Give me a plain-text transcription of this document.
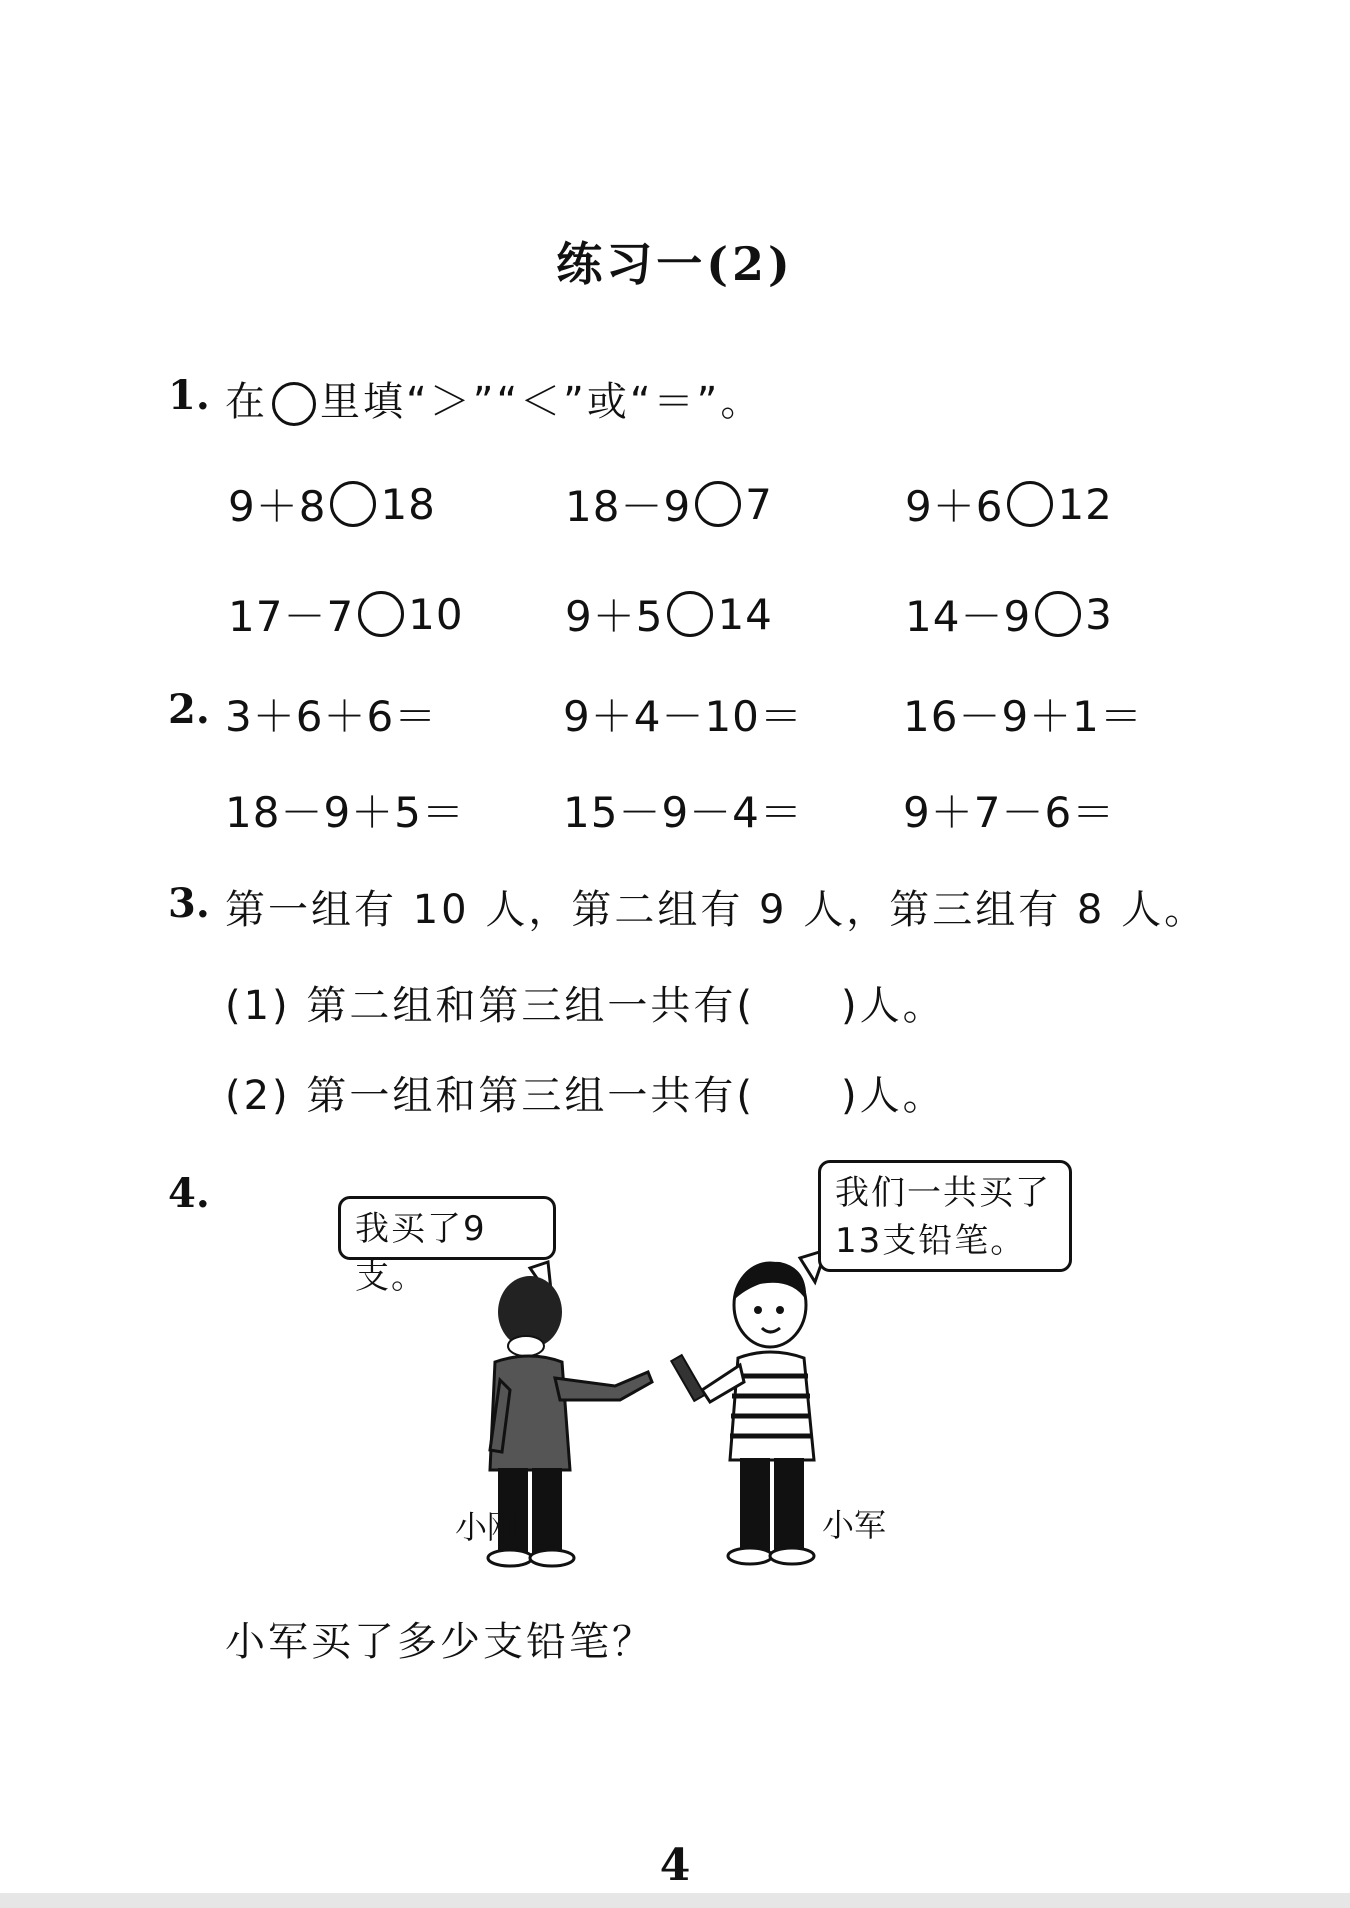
练习一(2)
1. 在 里填“＞”“＜”或“＝”。
9＋8 18	18－9 7	9＋6 12
17－7 10 9＋5 14	14－9 3
2. 3＋6＋6＝	9＋4－10＝ 16－9＋1＝
18－9＋5＝ 15－9－4＝ 9＋7－6＝
3. 第一组有 10 人，第二组有 9 人，第三组有 8 人。
(1) 第二组和第三组一共有(　　)人。
(2) 第一组和第三组一共有(　　)人。
4.
我买了9支。
我们一共买了
13支铅笔。
小刚	小军
小军买了多少支铅笔？
4
